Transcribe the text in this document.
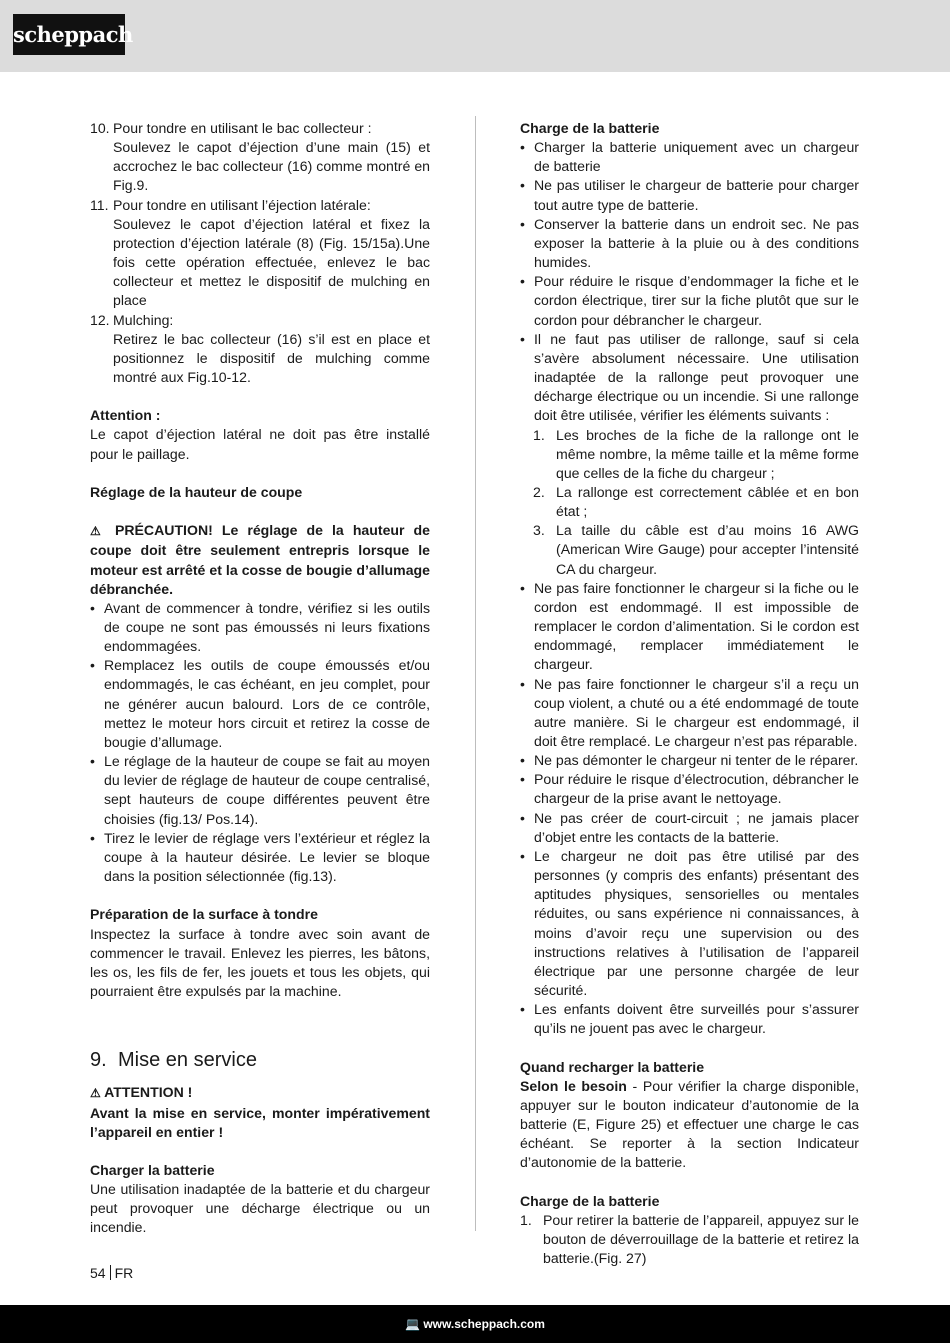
scheppach
10. Pour tondre en utilisant le bac collecteur :

Soulevez le capot d’éjection d’une main (15) et accrochez le bac collecteur (16) comme montré en Fig.9.

11. Pour tondre en utilisant l’éjection latérale:

Soulevez le capot d’éjection latéral et fixez la protection d’éjection latérale (8) (Fig. 15/15a).Une fois cette opération effectuée, enlevez le bac collecteur et mettez le dispositif de mulching en place

12. Mulching:

Retirez le bac collecteur (16) s’il est en place et positionnez le dispositif de mulching comme montré aux Fig.10-12.

Attention :

Le capot d’éjection latéral ne doit pas être installé pour le paillage.

Réglage de la hauteur de coupe

⚠ PRÉCAUTION! Le réglage de la hauteur de coupe doit être seulement entrepris lorsque le moteur est arrêté et la cosse de bougie d’allumage débranchée.

• Avant de commencer à tondre, vérifiez si les outils de coupe ne sont pas émoussés ni leurs fixations endommagées.
• Remplacez les outils de coupe émoussés et/ou endommagés, le cas échéant, en jeu complet, pour ne générer aucun balourd. Lors de ce contrôle, mettez le moteur hors circuit et retirez la cosse de bougie d’allumage.
• Le réglage de la hauteur de coupe se fait au moyen du levier de réglage de hauteur de coupe centralisé, sept hauteurs de coupe différentes peuvent être choisies (fig.13/ Pos.14).
• Tirez le levier de réglage vers l’extérieur et réglez la coupe à la hauteur désirée. Le levier se bloque dans la position sélectionnée (fig.13).

Préparation de la surface à tondre

Inspectez la surface à tondre avec soin avant de commencer le travail. Enlevez les pierres, les bâtons, les os, les fils de fer, les jouets et tous les objets, qui pourraient être expulsés par la machine.

9. Mise en service

⚠ ATTENTION !

Avant la mise en service, monter impérativement l’appareil en entier !

Charger la batterie

Une utilisation inadaptée de la batterie et du chargeur peut provoquer une décharge électrique ou un incendie.

Charge de la batterie

• Charger la batterie uniquement avec un chargeur de batterie
• Ne pas utiliser le chargeur de batterie pour charger tout autre type de batterie.
• Conserver la batterie dans un endroit sec. Ne pas exposer la batterie à la pluie ou à des conditions humides.
• Pour réduire le risque d’endommager la fiche et le cordon électrique, tirer sur la fiche plutôt que sur le cordon pour débrancher le chargeur.
• Il ne faut pas utiliser de rallonge, sauf si cela s’avère absolument nécessaire. Une utilisation inadaptée de la rallonge peut provoquer une décharge électrique ou un incendie. Si une rallonge doit être utilisée, vérifier les éléments suivants :
1. Les broches de la fiche de la rallonge ont le même nombre, la même taille et la même forme que celles de la fiche du chargeur ;
2. La rallonge est correctement câblée et en bon état ;
3. La taille du câble est d’au moins 16 AWG (American Wire Gauge) pour accepter l’intensité CA du chargeur.
• Ne pas faire fonctionner le chargeur si la fiche ou le cordon est endommagé. Il est impossible de remplacer le cordon d’alimentation. Si le cordon est endommagé, remplacer immédiatement le chargeur.
• Ne pas faire fonctionner le chargeur s’il a reçu un coup violent, a chuté ou a été endommagé de toute autre manière. Si le chargeur est endommagé, il doit être remplacé. Le chargeur n’est pas réparable.
• Ne pas démonter le chargeur ni tenter de le réparer.
• Pour réduire le risque d’électrocution, débrancher le chargeur de la prise avant le nettoyage.
• Ne pas créer de court-circuit ; ne jamais placer d’objet entre les contacts de la batterie.
• Le chargeur ne doit pas être utilisé par des personnes (y compris des enfants) présentant des aptitudes physiques, sensorielles ou mentales réduites, ou sans expérience ni connaissances, à moins d’avoir reçu une supervision ou des instructions relatives à l’utilisation de l’appareil électrique par une personne chargée de leur sécurité.
• Les enfants doivent être surveillés pour s’assurer qu’ils ne jouent pas avec le chargeur.

Quand recharger la batterie

Selon le besoin - Pour vérifier la charge disponible, appuyer sur le bouton indicateur d’autonomie de la batterie (E, Figure 25) et effectuer une charge le cas échéant. Se reporter à la section Indicateur d’autonomie de la batterie.

Charge de la batterie

1. Pour retirer la batterie de l’appareil, appuyez sur le bouton de déverrouillage de la batterie et retirez la batterie.(Fig. 27)
54 FR
💻 www.scheppach.com
